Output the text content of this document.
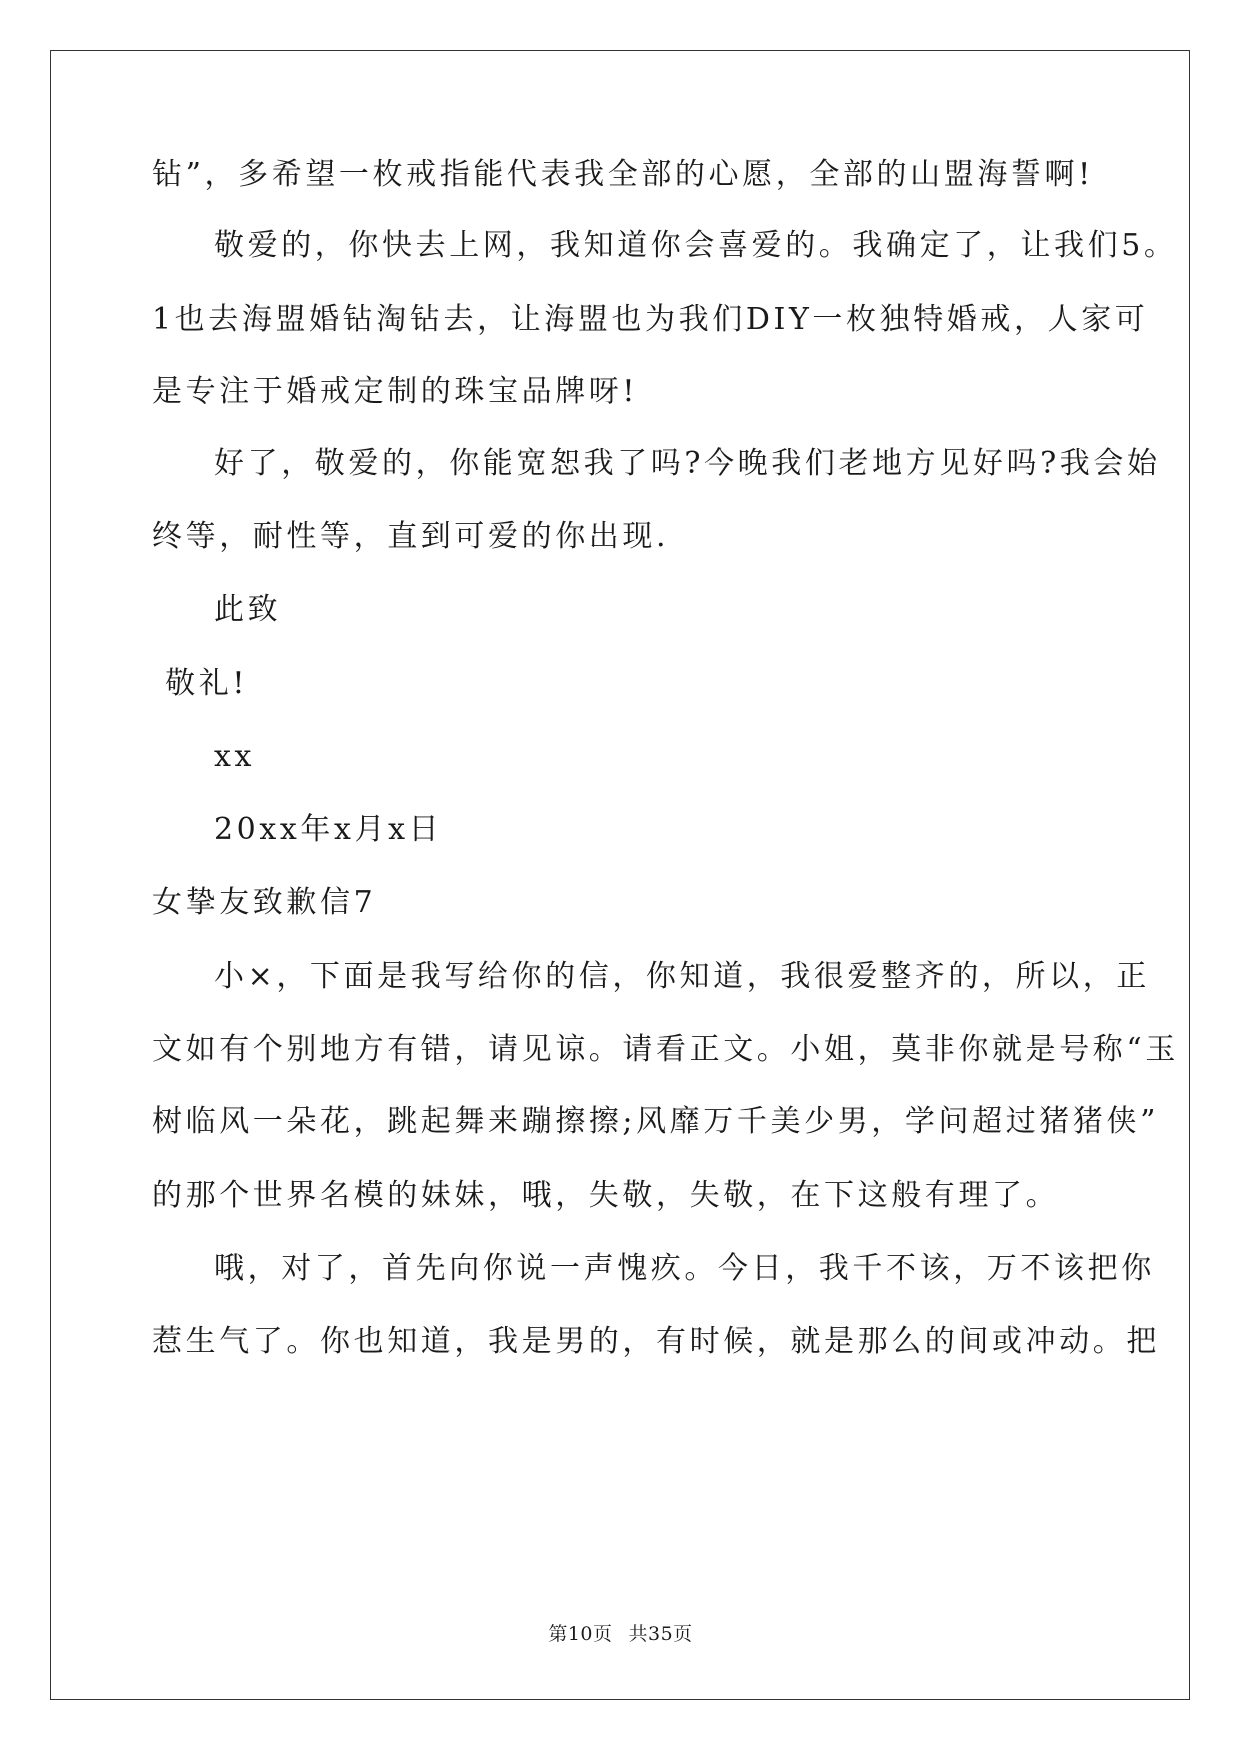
钻”，多希望一枚戒指能代表我全部的心愿，全部的山盟海誓啊!
敬爱的，你快去上网，我知道你会喜爱的。我确定了，让我们5。
1也去海盟婚钻淘钻去，让海盟也为我们DIY一枚独特婚戒，人家可
是专注于婚戒定制的珠宝品牌呀!
好了，敬爱的，你能宽恕我了吗?今晚我们老地方见好吗?我会始
终等，耐性等，直到可爱的你出现.
此致
敬礼!
xx
20xx年x月x日
女挚友致歉信7
小×，下面是我写给你的信，你知道，我很爱整齐的，所以，正
文如有个别地方有错，请见谅。请看正文。小姐，莫非你就是号称“玉
树临风一朵花，跳起舞来蹦擦擦;风靡万千美少男，学问超过猪猪侠”
的那个世界名模的妹妹，哦，失敬，失敬，在下这般有理了。
哦，对了，首先向你说一声愧疚。今日，我千不该，万不该把你
惹生气了。你也知道，我是男的，有时候，就是那么的间或冲动。把
第10页 共35页
